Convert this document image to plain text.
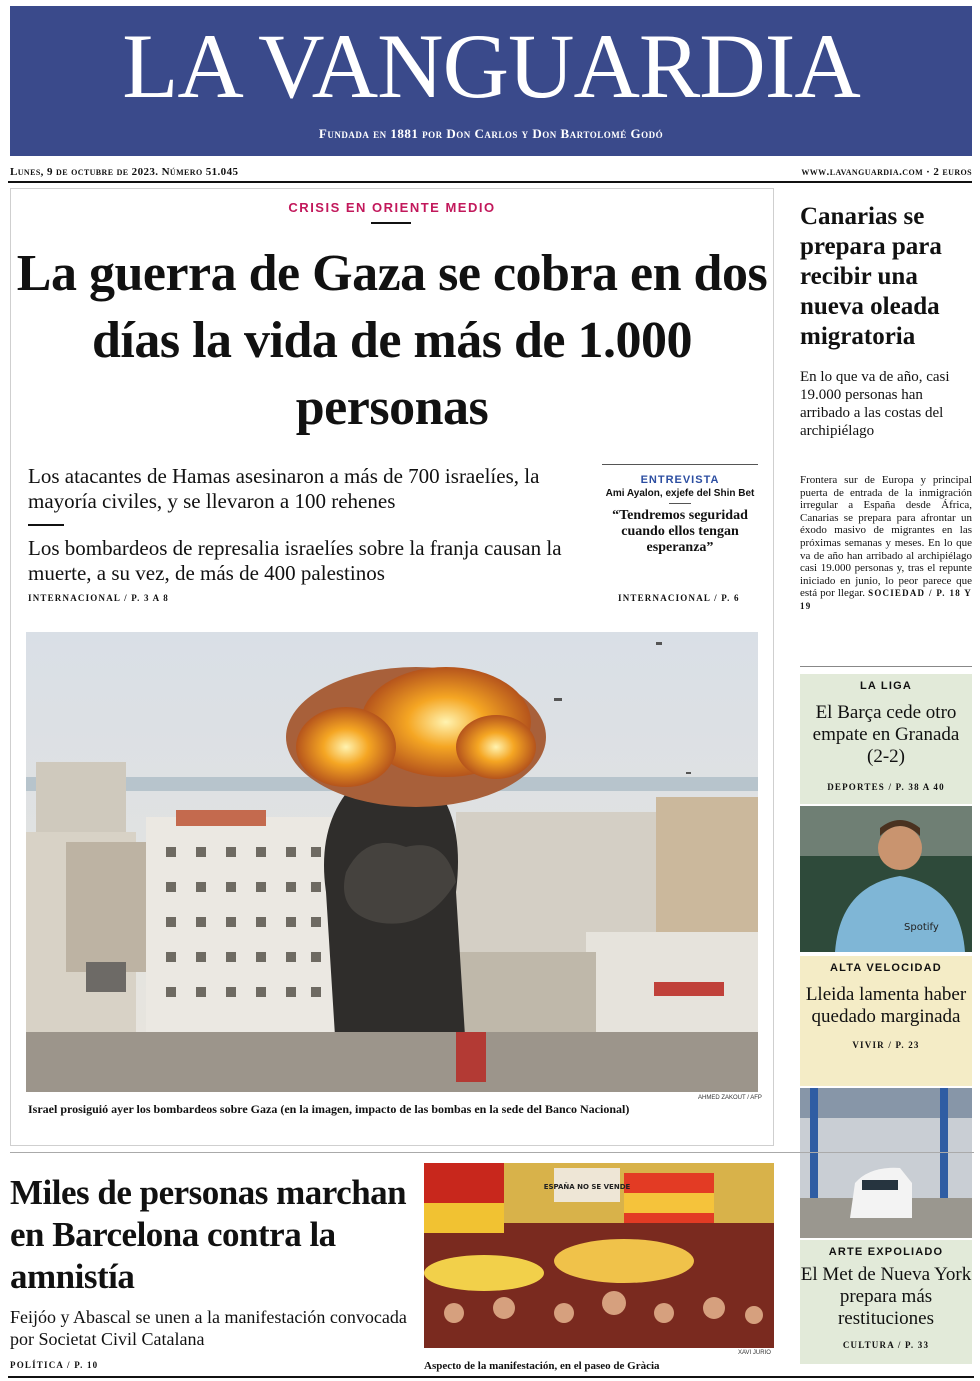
LA VANGUARDIA
Fundada en 1881 por Don Carlos y Don Bartolomé Godó
Lunes, 9 de octubre de 2023. Número 51.045	www.lavanguardia.com · 2 euros
CRISIS EN ORIENTE MEDIO
La guerra de Gaza se cobra en dos días la vida de más de 1.000 personas
Los atacantes de Hamas asesinaron a más de 700 israelíes, la mayoría civiles, y se llevaron a 100 rehenes
Los bombardeos de represalia israelíes sobre la franja causan la muerte, a su vez, de más de 400 palestinos
INTERNACIONAL / P. 3 A 8
ENTREVISTA
Ami Ayalon, exjefe del Shin Bet
“Tendremos seguridad cuando ellos tengan esperanza”
INTERNACIONAL / P. 6
AHMED ZAKOUT / AFP
Israel prosiguió ayer los bombardeos sobre Gaza (en la imagen, impacto de las bombas en la sede del Banco Nacional)
Canarias se prepara para recibir una nueva oleada migratoria
En lo que va de año, casi 19.000 personas han arribado a las costas del archipiélago
Frontera sur de Europa y principal puerta de entrada de la inmigración irregular a España desde África, Canarias se prepara para afrontar un éxodo masivo de migrantes en las próximas semanas y meses. En lo que va de año han arribado al archipiélago casi 19.000 personas y, tras el repunte iniciado en junio, lo peor parece que está por llegar. SOCIEDAD / P. 18 Y 19
LA LIGA
El Barça cede otro empate en Granada (2-2)
DEPORTES / P. 38 A 40
Spotify
ALTA VELOCIDAD
Lleida lamenta haber quedado marginada
VIVIR / P. 23
ARTE EXPOLIADO
El Met de Nueva York prepara más restituciones
CULTURA / P. 33
Miles de personas marchan en Barcelona contra la amnistía
Feijóo y Abascal se unen a la manifestación convocada por Societat Civil Catalana
POLÍTICA / P. 10
ESPAÑA NO SE VENDE
XAVI JURIO
Aspecto de la manifestación, en el paseo de Gràcia
